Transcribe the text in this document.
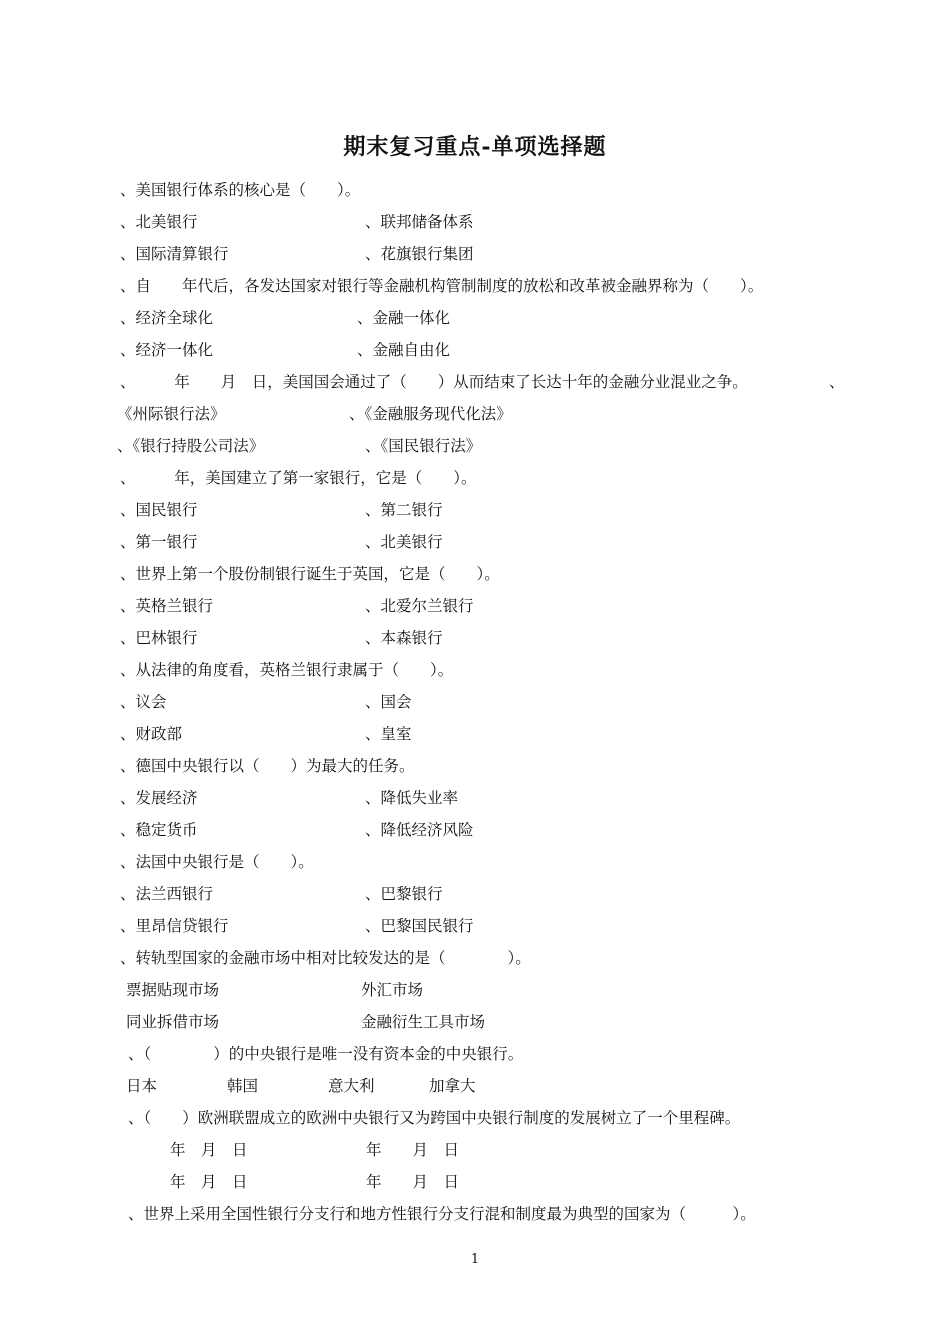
期末复习重点-单项选择题
、美国银行体系的核心是（　　）。
、北美银行	、联邦储备体系
、国际清算银行	、花旗银行集团
、自　　年代后，各发达国家对银行等金融机构管制制度的放松和改革被金融界称为（　　）。
、经济全球化	、金融一体化
、经济一体化	、金融自由化
、　　　年　　月　日，美国国会通过了（　　）从而结束了长达十年的金融分业混业之争。	、
《州际银行法》	、《金融服务现代化法》
、《银行持股公司法》	、《国民银行法》
、　　　年，美国建立了第一家银行，它是（　　）。
、国民银行	、第二银行
、第一银行	、北美银行
、世界上第一个股份制银行诞生于英国，它是（　　）。
、英格兰银行	、北爱尔兰银行
、巴林银行	、本森银行
、从法律的角度看，英格兰银行隶属于（　　）。
、议会	、国会
、财政部	、皇室
、德国中央银行以（　　）为最大的任务。
、发展经济	、降低失业率
、稳定货币	、降低经济风险
、法国中央银行是（　　）。
、法兰西银行	、巴黎银行
、里昂信贷银行	、巴黎国民银行
、转轨型国家的金融市场中相对比较发达的是（　　　　）。
票据贴现市场	外汇市场
同业拆借市场	金融衍生工具市场
、（　　　　）的中央银行是唯一没有资本金的中央银行。
日本	韩国	意大利	加拿大
、（　　）欧洲联盟成立的欧洲中央银行又为跨国中央银行制度的发展树立了一个里程碑。
年　月　日	年　　月　日
年　月　日	年　　月　日
、世界上采用全国性银行分支行和地方性银行分支行混和制度最为典型的国家为（　　　）。
1
